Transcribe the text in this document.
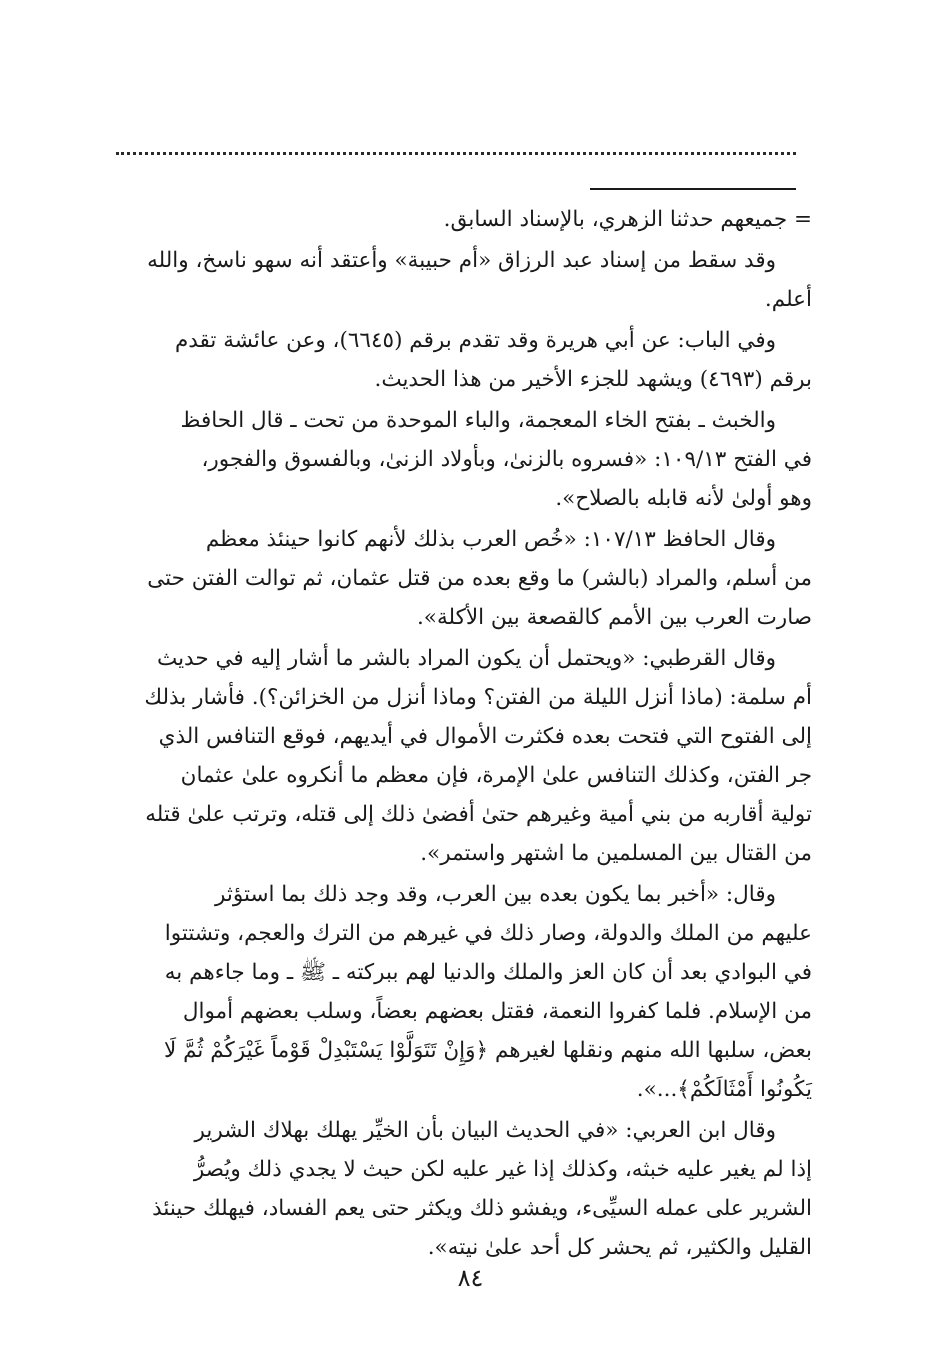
= جميعهم حدثنا الزهري، بالإسناد السابق.

وقد سقط من إسناد عبد الرزاق «أم حبيبة» وأعتقد أنه سهو ناسخ، والله
أعلم.

وفي الباب: عن أبي هريرة وقد تقدم برقم (٦٦٤٥)، وعن عائشة تقدم
برقم (٤٦٩٣) ويشهد للجزء الأخير من هذا الحديث.

والخبث ـ بفتح الخاء المعجمة، والباء الموحدة من تحت ـ قال الحافظ
في الفتح ١٠٩/١٣: «فسروه بالزنىٰ، وبأولاد الزنىٰ، وبالفسوق والفجور،
وهو أولىٰ لأنه قابله بالصلاح».

وقال الحافظ ١٠٧/١٣: «خُص العرب بذلك لأنهم كانوا حينئذ معظم
من أسلم، والمراد (بالشر) ما وقع بعده من قتل عثمان، ثم توالت الفتن حتى
صارت العرب بين الأمم كالقصعة بين الأكلة».

وقال القرطبي: «ويحتمل أن يكون المراد بالشر ما أشار إليه في حديث
أم سلمة: (ماذا أنزل الليلة من الفتن؟ وماذا أنزل من الخزائن؟). فأشار بذلك
إلى الفتوح التي فتحت بعده فكثرت الأموال في أيديهم، فوقع التنافس الذي
جر الفتن، وكذلك التنافس علىٰ الإمرة، فإن معظم ما أنكروه علىٰ عثمان
تولية أقاربه من بني أمية وغيرهم حتىٰ أفضىٰ ذلك إلى قتله، وترتب علىٰ قتله
من القتال بين المسلمين ما اشتهر واستمر».

وقال: «أخبر بما يكون بعده بين العرب، وقد وجد ذلك بما استؤثر
عليهم من الملك والدولة، وصار ذلك في غيرهم من الترك والعجم، وتشتتوا
في البوادي بعد أن كان العز والملك والدنيا لهم ببركته ـ ﷺ ـ وما جاءهم به
من الإسلام. فلما كفروا النعمة، فقتل بعضهم بعضاً، وسلب بعضهم أموال
بعض، سلبها الله منهم ونقلها لغيرهم ﴿وَإِنْ تَتَوَلَّوْا يَسْتَبْدِلْ قَوْماً غَيْرَكُمْ ثُمَّ لَا
يَكُونُوا أَمْثَالَكُمْ﴾...».

وقال ابن العربي: «في الحديث البيان بأن الخيِّر يهلك بهلاك الشرير
إذا لم يغير عليه خبثه، وكذلك إذا غير عليه لكن حيث لا يجدي ذلك ويُصرُّ
الشرير على عمله السيِّىء، ويفشو ذلك ويكثر حتى يعم الفساد، فيهلك حينئذ
القليل والكثير، ثم يحشر كل أحد علىٰ نيته».

٨٤
